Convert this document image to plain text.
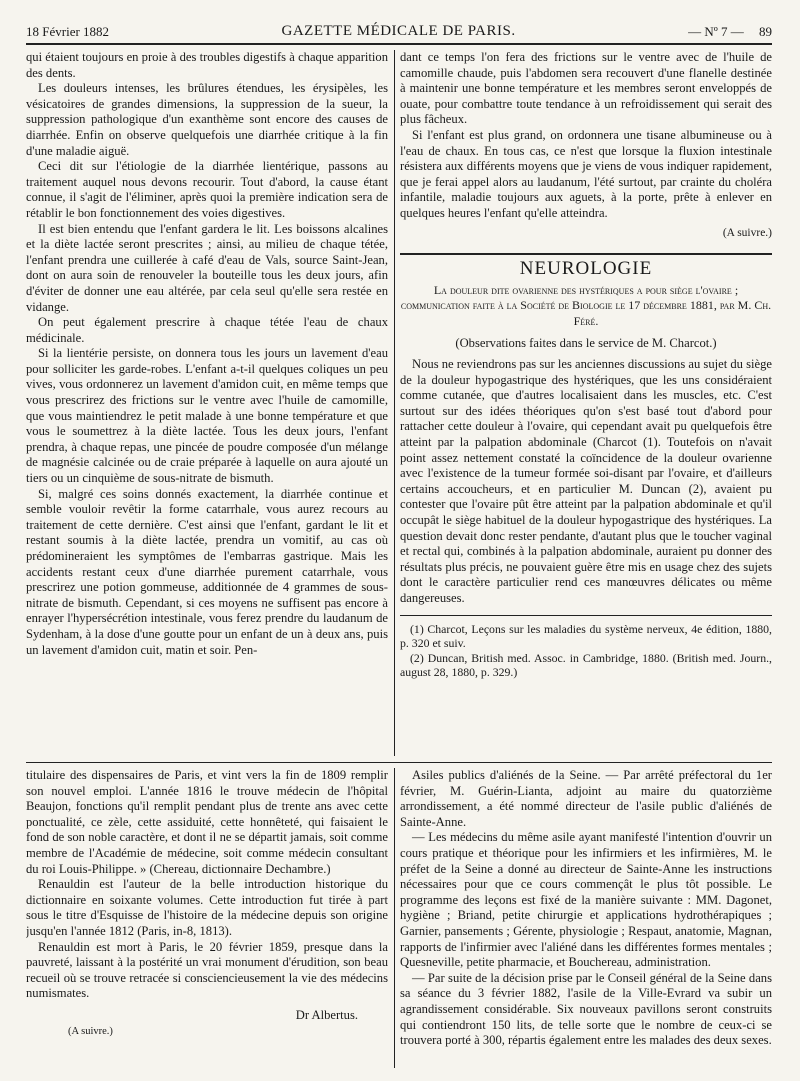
18 Février 1882	GAZETTE MÉDICALE DE PARIS.	— Nº 7 — 89

qui étaient toujours en proie à des troubles digestifs à chaque apparition des dents.

Les douleurs intenses, les brûlures étendues, les érysipèles, les vésicatoires de grandes dimensions, la suppression de la sueur, la suppression pathologique d'un exanthème sont encore des causes de diarrhée. Enfin on observe quelquefois une diarrhée critique à la fin d'une maladie aiguë.

Ceci dit sur l'étiologie de la diarrhée lientérique, passons au traitement auquel nous devons recourir. Tout d'abord, la cause étant connue, il s'agit de l'éliminer, après quoi la première indication sera de rétablir le bon fonctionnement des voies digestives.

Il est bien entendu que l'enfant gardera le lit. Les boissons alcalines et la diète lactée seront prescrites ; ainsi, au milieu de chaque tétée, l'enfant prendra une cuillerée à café d'eau de Vals, source Saint-Jean, dont on aura soin de renouveler la bouteille tous les deux jours, afin d'éviter de donner une eau altérée, par cela seul qu'elle sera restée en vidange.

On peut également prescrire à chaque tétée l'eau de chaux médicinale.

Si la lientérie persiste, on donnera tous les jours un lavement d'eau pour solliciter les garde-robes. L'enfant a-t-il quelques coliques un peu vives, vous ordonnerez un lavement d'amidon cuit, en même temps que vous prescrirez des frictions sur le ventre avec l'huile de camomille, que vous maintiendrez le petit malade à une bonne température et que vous le soumettrez à la diète lactée. Tous les deux jours, l'enfant prendra, à chaque repas, une pincée de poudre composée d'un mélange de magnésie calcinée ou de craie préparée à laquelle on aura ajouté un tiers ou un cinquième de sous-nitrate de bismuth.

Si, malgré ces soins donnés exactement, la diarrhée continue et semble vouloir revêtir la forme catarrhale, vous aurez recours au traitement de cette dernière. C'est ainsi que l'enfant, gardant le lit et restant soumis à la diète lactée, prendra un vomitif, au cas où prédomineraient les symptômes de l'embarras gastrique. Mais les accidents restant ceux d'une diarrhée purement catarrhale, vous prescrirez une potion gommeuse, additionnée de 4 grammes de sous-nitrate de bismuth. Cependant, si ces moyens ne suffisent pas encore à enrayer l'hypersécrétion intestinale, vous ferez prendre du laudanum de Sydenham, à la dose d'une goutte pour un enfant de un à deux ans, puis un lavement d'amidon cuit, matin et soir. Pen-

dant ce temps l'on fera des frictions sur le ventre avec de l'huile de camomille chaude, puis l'abdomen sera recouvert d'une flanelle destinée à maintenir une bonne température et les membres seront enveloppés de ouate, pour combattre toute tendance à un refroidissement qui serait des plus fâcheux.

Si l'enfant est plus grand, on ordonnera une tisane albumineuse ou à l'eau de chaux. En tous cas, ce n'est que lorsque la fluxion intestinale résistera aux différents moyens que je viens de vous indiquer rapidement, que je ferai appel alors au laudanum, l'été surtout, par crainte du choléra infantile, maladie toujours aux aguets, à la porte, prête à enlever en quelques heures l'enfant qu'elle atteindra.

(A suivre.)

NEUROLOGIE

La douleur dite ovarienne des hystériques a pour siège l'ovaire ; communication faite à la Société de Biologie le 17 décembre 1881, par M. Ch. Féré.

(Observations faites dans le service de M. Charcot.)

Nous ne reviendrons pas sur les anciennes discussions au sujet du siège de la douleur hypogastrique des hystériques, que les uns considéraient comme cutanée, que d'autres localisaient dans les muscles, etc. C'est surtout sur des idées théoriques qu'on s'est basé tout d'abord pour rattacher cette douleur à l'ovaire, qui cependant avait pu quelquefois être atteint par la palpation abdominale (Charcot (1). Toutefois on n'avait point assez nettement constaté la coïncidence de la douleur ovarienne avec l'existence de la tumeur formée soi-disant par l'ovaire, et d'ailleurs certains accoucheurs, et en particulier M. Duncan (2), avaient pu contester que l'ovaire pût être atteint par la palpation abdominale et qu'il occupât le siège habituel de la douleur hypogastrique des hystériques. La question devait donc rester pendante, d'autant plus que le toucher vaginal et rectal qui, combinés à la palpation abdominale, auraient pu donner des résultats plus précis, ne pouvaient guère être mis en usage chez des sujets dont le caractère particulier rend ces manœuvres délicates ou même dangereuses.

(1) Charcot, Leçons sur les maladies du système nerveux, 4e édition, 1880, p. 320 et suiv.

(2) Duncan, British med. Assoc. in Cambridge, 1880. (British med. Journ., august 28, 1880, p. 329.)

titulaire des dispensaires de Paris, et vint vers la fin de 1809 remplir son nouvel emploi. L'année 1816 le trouve médecin de l'hôpital Beaujon, fonctions qu'il remplit pendant plus de trente ans avec cette ponctualité, ce zèle, cette assiduité, cette honnêteté, qui faisaient le fond de son noble caractère, et dont il ne se départit jamais, soit comme membre de l'Académie de médecine, soit comme médecin consultant du roi Louis-Philippe. » (Chereau, dictionnaire Dechambre.)

Renauldin est l'auteur de la belle introduction historique du dictionnaire en soixante volumes. Cette introduction fut tirée à part sous le titre d'Esquisse de l'histoire de la médecine depuis son origine jusqu'en l'année 1812 (Paris, in-8, 1813).

Renauldin est mort à Paris, le 20 février 1859, presque dans la pauvreté, laissant à la postérité un vrai monument d'érudition, son beau recueil où se trouve retracée si consciencieusement la vie des médecins numismates.

Dr Albertus.
(A suivre.)

Asiles publics d'aliénés de la Seine. — Par arrêté préfectoral du 1er février, M. Guérin-Lianta, adjoint au maire du quatorzième arrondissement, a été nommé directeur de l'asile public d'aliénés de Sainte-Anne.

— Les médecins du même asile ayant manifesté l'intention d'ouvrir un cours pratique et théorique pour les infirmiers et les infirmières, M. le préfet de la Seine a donné au directeur de Sainte-Anne les instructions nécessaires pour que ce cours commençât le plus tôt possible. Le programme des leçons est fixé de la manière suivante : MM. Dagonet, hygiène ; Briand, petite chirurgie et applications hydrothérapiques ; Garnier, pansements ; Gérente, physiologie ; Respaut, anatomie, Magnan, rapports de l'infirmier avec l'aliéné dans les différentes formes mentales ; Quesneville, petite pharmacie, et Bouchereau, administration.

— Par suite de la décision prise par le Conseil général de la Seine dans sa séance du 3 février 1882, l'asile de la Ville-Evrard va subir un agrandissement considérable. Six nouveaux pavillons seront construits qui contiendront 150 lits, de telle sorte que le nombre de ceux-ci se trouvera porté à 300, répartis également entre les malades des deux sexes.
